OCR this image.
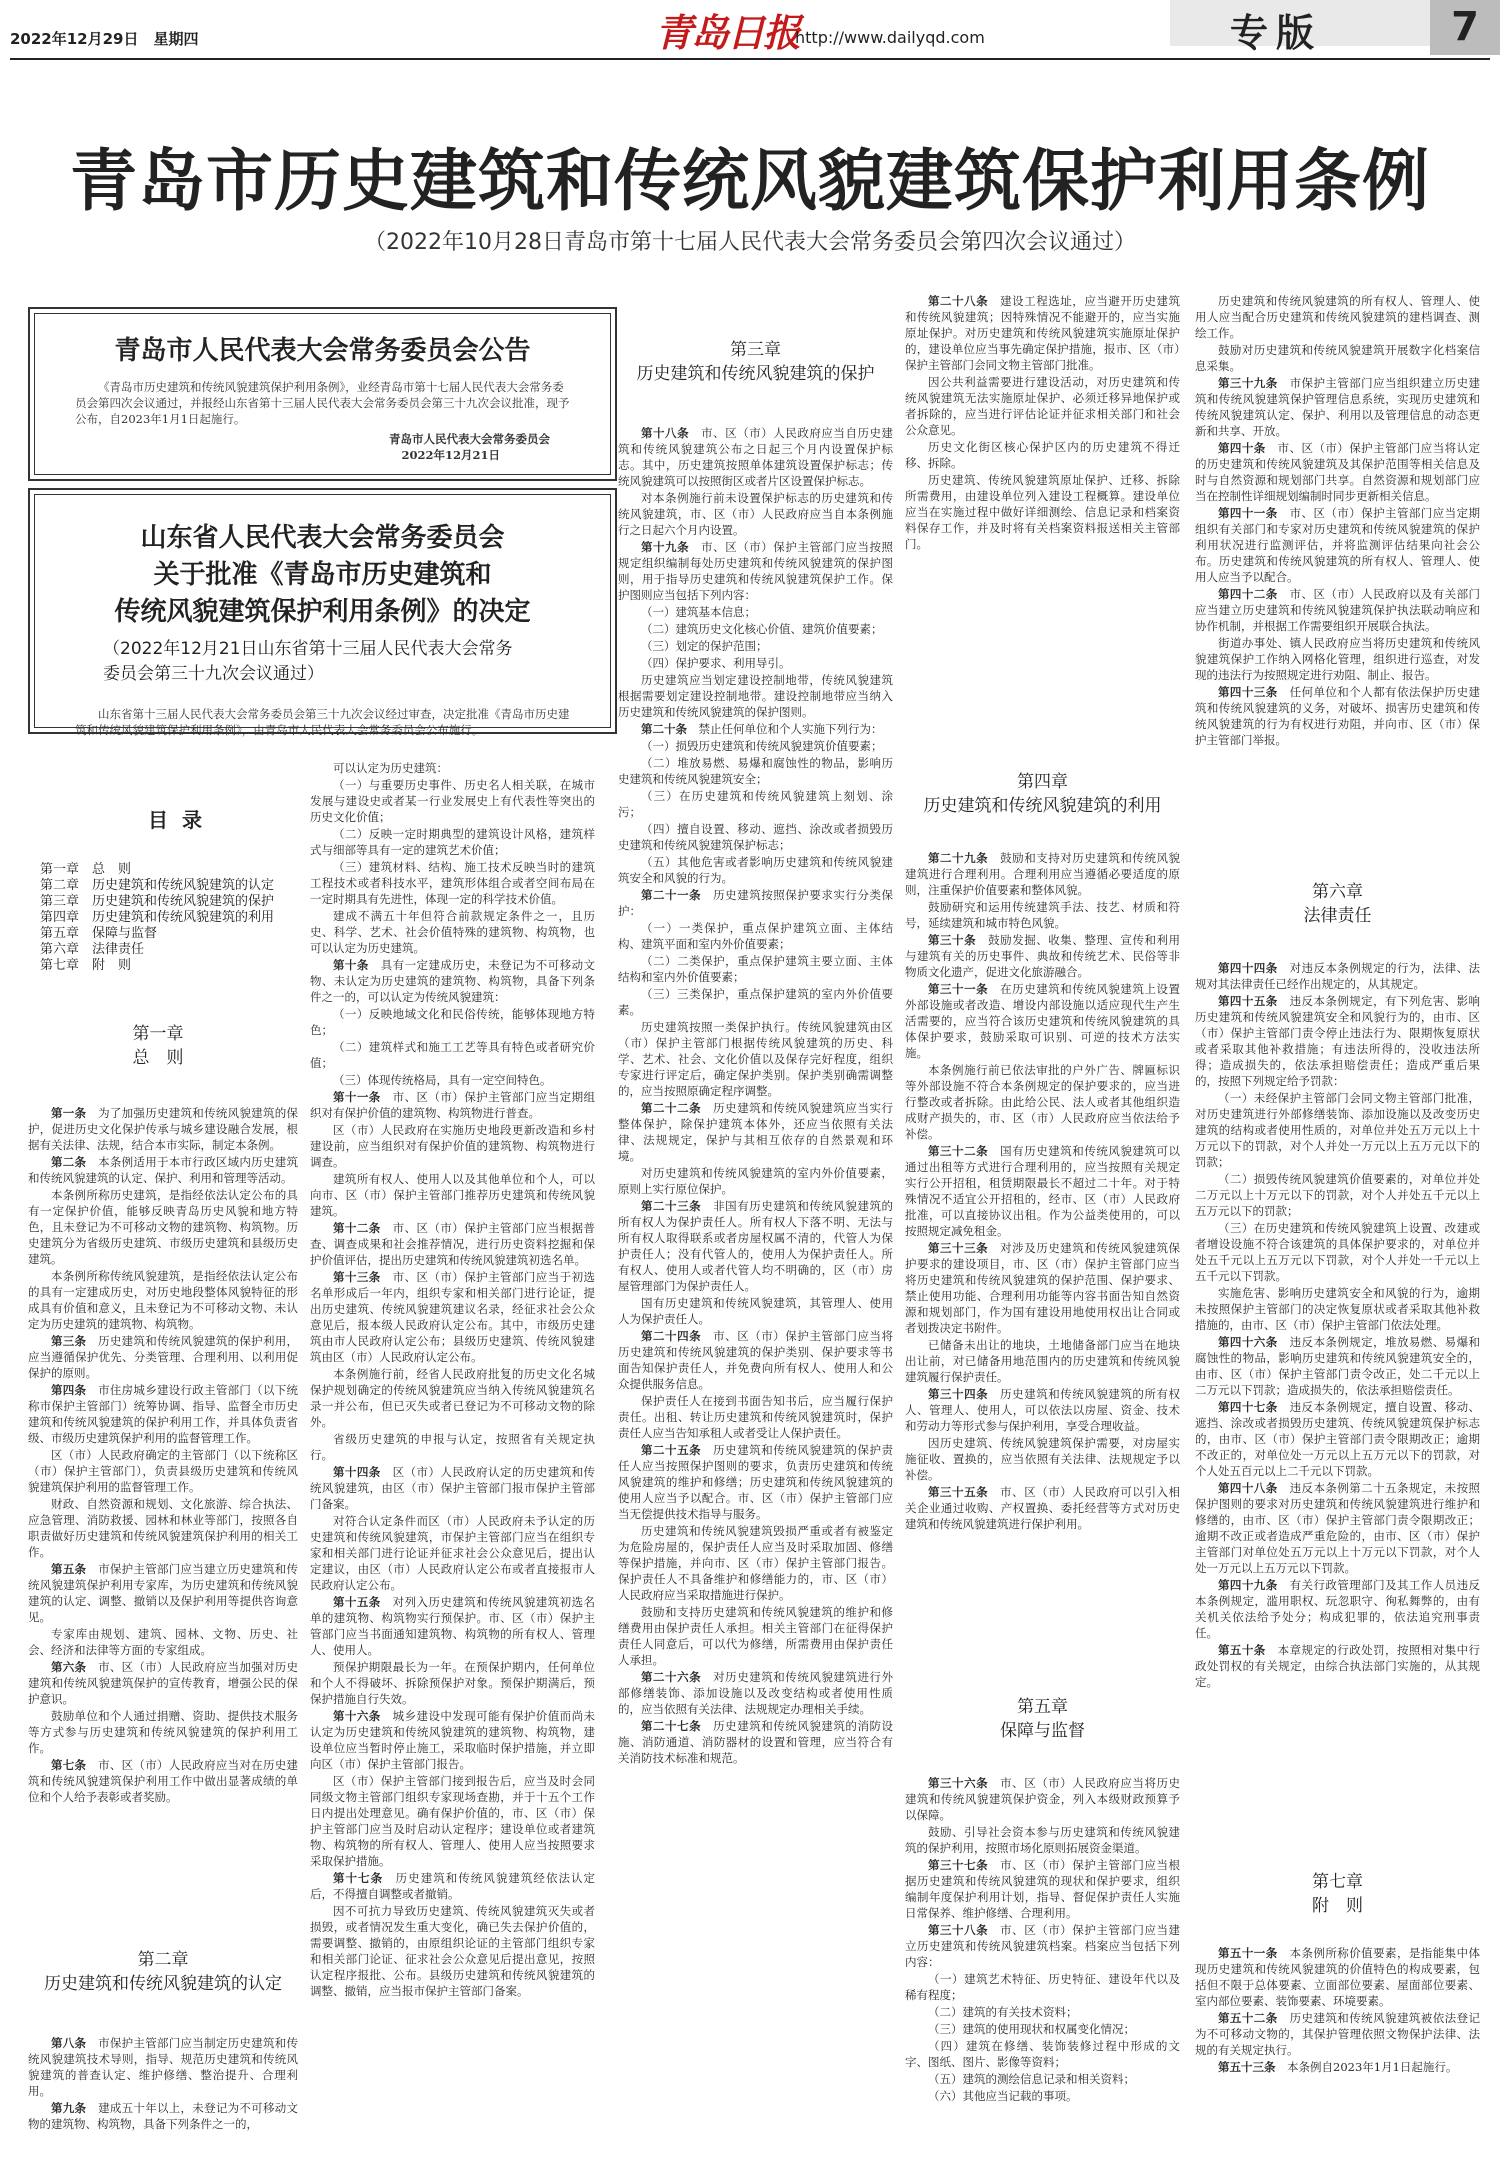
2022年12月29日　星期四	青岛日报
http://www.dailyqd.com	专版	7
青岛市历史建筑和传统风貌建筑保护利用条例
（2022年10月28日青岛市第十七届人民代表大会常务委员会第四次会议通过）
青岛市人民代表大会常务委员会公告

《青岛市历史建筑和传统风貌建筑保护利用条例》，业经青岛市第十七届人民代表大会常务委员会第四次会议通过，并报经山东省第十三届人民代表大会常务委员会第三十九次会议批准，现予公布，自2023年1月1日起施行。

青岛市人民代表大会常务委员会

2022年12月21日

山东省人民代表大会常务委员会
关于批准《青岛市历史建筑和
传统风貌建筑保护利用条例》的决定
（2022年12月21日山东省第十三届人民代表大会常务
委员会第三十九次会议通过）

山东省第十三届人民代表大会常务委员会第三十九次会议经过审查，决定批准《青岛市历史建筑和传统风貌建筑保护利用条例》，由青岛市人民代表大会常务委员会公布施行。

目录
第一章 总　则
第二章 历史建筑和传统风貌建筑的认定
第三章 历史建筑和传统风貌建筑的保护
第四章 历史建筑和传统风貌建筑的利用
第五章 保障与监督
第六章 法律责任
第七章 附　则
第一章
总　则

第一条　 为了加强历史建筑和传统风貌建筑的保护，促进历史文化保护传承与城乡建设融合发展，根据有关法律、法规，结合本市实际，制定本条例。

第二条　 本条例适用于本市行政区域内历史建筑和传统风貌建筑的认定、保护、利用和管理等活动。

本条例所称历史建筑，是指经依法认定公布的具有一定保护价值，能够反映青岛历史风貌和地方特色，且未登记为不可移动文物的建筑物、构筑物。历史建筑分为省级历史建筑、市级历史建筑和县级历史建筑。

本条例所称传统风貌建筑，是指经依法认定公布的具有一定建成历史，对历史地段整体风貌特征的形成具有价值和意义，且未登记为不可移动文物、未认定为历史建筑的建筑物、构筑物。

第三条　 历史建筑和传统风貌建筑的保护利用，应当遵循保护优先、分类管理、合理利用、以利用促保护的原则。

第四条　 市住房城乡建设行政主管部门（以下统称市保护主管部门）统筹协调、指导、监督全市历史建筑和传统风貌建筑的保护利用工作，并具体负责省级、市级历史建筑保护利用的监督管理工作。

区（市）人民政府确定的主管部门（以下统称区（市）保护主管部门），负责县级历史建筑和传统风貌建筑保护利用的监督管理工作。

财政、自然资源和规划、文化旅游、综合执法、应急管理、消防救援、园林和林业等部门，按照各自职责做好历史建筑和传统风貌建筑保护利用的相关工作。

第五条　 市保护主管部门应当建立历史建筑和传统风貌建筑保护利用专家库，为历史建筑和传统风貌建筑的认定、调整、撤销以及保护利用等提供咨询意见。

专家库由规划、建筑、园林、文物、历史、社会、经济和法律等方面的专家组成。

第六条　 市、区（市）人民政府应当加强对历史建筑和传统风貌建筑保护的宣传教育，增强公民的保护意识。

鼓励单位和个人通过捐赠、资助、提供技术服务等方式参与历史建筑和传统风貌建筑的保护利用工作。

第七条　 市、区（市）人民政府应当对在历史建筑和传统风貌建筑保护利用工作中做出显著成绩的单位和个人给予表彰或者奖励。

第二章
历史建筑和传统风貌建筑的认定

第八条　 市保护主管部门应当制定历史建筑和传统风貌建筑技术导则，指导、规范历史建筑和传统风貌建筑的普查认定、维护修缮、整治提升、合理利用。

第九条　 建成五十年以上，未登记为不可移动文物的建筑物、构筑物，具备下列条件之一的，

可以认定为历史建筑：

（一）与重要历史事件、历史名人相关联，在城市发展与建设史或者某一行业发展史上有代表性等突出的历史文化价值；

（二）反映一定时期典型的建筑设计风格，建筑样式与细部等具有一定的建筑艺术价值；

（三）建筑材料、结构、施工技术反映当时的建筑工程技术或者科技水平，建筑形体组合或者空间布局在一定时期具有先进性，体现一定的科学技术价值。

建成不满五十年但符合前款规定条件之一，且历史、科学、艺术、社会价值特殊的建筑物、构筑物，也可以认定为历史建筑。

第十条　 具有一定建成历史，未登记为不可移动文物、未认定为历史建筑的建筑物、构筑物，具备下列条件之一的，可以认定为传统风貌建筑：

（一）反映地域文化和民俗传统，能够体现地方特色；

（二）建筑样式和施工工艺等具有特色或者研究价值；

（三）体现传统格局，具有一定空间特色。

第十一条　 市、区（市）保护主管部门应当定期组织对有保护价值的建筑物、构筑物进行普查。

区（市）人民政府在实施历史地段更新改造和乡村建设前，应当组织对有保护价值的建筑物、构筑物进行调查。

建筑所有权人、使用人以及其他单位和个人，可以向市、区（市）保护主管部门推荐历史建筑和传统风貌建筑。

第十二条　 市、区（市）保护主管部门应当根据普查、调查成果和社会推荐情况，进行历史资料挖掘和保护价值评估，提出历史建筑和传统风貌建筑初选名单。

第十三条　 市、区（市）保护主管部门应当于初选名单形成后一年内，组织专家和相关部门进行论证，提出历史建筑、传统风貌建筑建议名录，经征求社会公众意见后，报本级人民政府认定公布。其中，市级历史建筑由市人民政府认定公布；县级历史建筑、传统风貌建筑由区（市）人民政府认定公布。

本条例施行前，经省人民政府批复的历史文化名城保护规划确定的传统风貌建筑应当纳入传统风貌建筑名录一并公布，但已灭失或者已登记为不可移动文物的除外。

省级历史建筑的申报与认定，按照省有关规定执行。

第十四条　 区（市）人民政府认定的历史建筑和传统风貌建筑，由区（市）保护主管部门报市保护主管部门备案。

对符合认定条件而区（市）人民政府未予认定的历史建筑和传统风貌建筑，市保护主管部门应当在组织专家和相关部门进行论证并征求社会公众意见后，提出认定建议，由区（市）人民政府认定公布或者直接报市人民政府认定公布。

第十五条　 对列入历史建筑和传统风貌建筑初选名单的建筑物、构筑物实行预保护。市、区（市）保护主管部门应当书面通知建筑物、构筑物的所有权人、管理人、使用人。

预保护期限最长为一年。在预保护期内，任何单位和个人不得破坏、拆除预保护对象。预保护期满后，预保护措施自行失效。

第十六条　 城乡建设中发现可能有保护价值而尚未认定为历史建筑和传统风貌建筑的建筑物、构筑物，建设单位应当暂时停止施工，采取临时保护措施，并立即向区（市）保护主管部门报告。

区（市）保护主管部门接到报告后，应当及时会同同级文物主管部门组织专家现场查勘，并于十五个工作日内提出处理意见。确有保护价值的，市、区（市）保护主管部门应当及时启动认定程序；建设单位或者建筑物、构筑物的所有权人、管理人、使用人应当按照要求采取保护措施。

第十七条　 历史建筑和传统风貌建筑经依法认定后，不得擅自调整或者撤销。

因不可抗力导致历史建筑、传统风貌建筑灭失或者损毁，或者情况发生重大变化，确已失去保护价值的，需要调整、撤销的，由原组织论证的主管部门组织专家和相关部门论证、征求社会公众意见后提出意见，按照认定程序报批、公布。县级历史建筑和传统风貌建筑的调整、撤销，应当报市保护主管部门备案。

第三章
历史建筑和传统风貌建筑的保护

第十八条　 市、区（市）人民政府应当自历史建筑和传统风貌建筑公布之日起三个月内设置保护标志。其中，历史建筑按照单体建筑设置保护标志；传统风貌建筑可以按照街区或者片区设置保护标志。

对本条例施行前未设置保护标志的历史建筑和传统风貌建筑，市、区（市）人民政府应当自本条例施行之日起六个月内设置。

第十九条　 市、区（市）保护主管部门应当按照规定组织编制每处历史建筑和传统风貌建筑的保护图则，用于指导历史建筑和传统风貌建筑保护工作。保护图则应当包括下列内容：

（一）建筑基本信息；

（二）建筑历史文化核心价值、建筑价值要素；

（三）划定的保护范围；

（四）保护要求、利用导引。

历史建筑应当划定建设控制地带，传统风貌建筑根据需要划定建设控制地带。建设控制地带应当纳入历史建筑和传统风貌建筑的保护图则。

第二十条　 禁止任何单位和个人实施下列行为：

（一）损毁历史建筑和传统风貌建筑价值要素；

（二）堆放易燃、易爆和腐蚀性的物品，影响历史建筑和传统风貌建筑安全；

（三）在历史建筑和传统风貌建筑上刻划、涂污；

（四）擅自设置、移动、遮挡、涂改或者损毁历史建筑和传统风貌建筑保护标志；

（五）其他危害或者影响历史建筑和传统风貌建筑安全和风貌的行为。

第二十一条　 历史建筑按照保护要求实行分类保护：

（一）一类保护，重点保护建筑立面、主体结构、建筑平面和室内外价值要素；

（二）二类保护，重点保护建筑主要立面、主体结构和室内外价值要素；

（三）三类保护，重点保护建筑的室内外价值要素。

历史建筑按照一类保护执行。传统风貌建筑由区（市）保护主管部门根据传统风貌建筑的历史、科学、艺术、社会、文化价值以及保存完好程度，组织专家进行评定后，确定保护类别。保护类别确需调整的，应当按照原确定程序调整。

第二十二条　 历史建筑和传统风貌建筑应当实行整体保护，除保护建筑本体外，还应当依照有关法律、法规规定，保护与其相互依存的自然景观和环境。

对历史建筑和传统风貌建筑的室内外价值要素，原则上实行原位保护。

第二十三条　 非国有历史建筑和传统风貌建筑的所有权人为保护责任人。所有权人下落不明、无法与所有权人取得联系或者房屋权属不清的，代管人为保护责任人；没有代管人的，使用人为保护责任人。所有权人、使用人或者代管人均不明确的，区（市）房屋管理部门为保护责任人。

国有历史建筑和传统风貌建筑，其管理人、使用人为保护责任人。

第二十四条　 市、区（市）保护主管部门应当将历史建筑和传统风貌建筑的保护类别、保护要求等书面告知保护责任人，并免费向所有权人、使用人和公众提供服务信息。

保护责任人在接到书面告知书后，应当履行保护责任。出租、转让历史建筑和传统风貌建筑时，保护责任人应当告知承租人或者受让人保护责任。

第二十五条　 历史建筑和传统风貌建筑的保护责任人应当按照保护图则的要求，负责历史建筑和传统风貌建筑的维护和修缮；历史建筑和传统风貌建筑的使用人应当予以配合。市、区（市）保护主管部门应当无偿提供技术指导与服务。

历史建筑和传统风貌建筑毁损严重或者有被鉴定为危险房屋的，保护责任人应当及时采取加固、修缮等保护措施，并向市、区（市）保护主管部门报告。保护责任人不具备维护和修缮能力的，市、区（市）人民政府应当采取措施进行保护。

鼓励和支持历史建筑和传统风貌建筑的维护和修缮费用由保护责任人承担。相关主管部门在征得保护责任人同意后，可以代为修缮，所需费用由保护责任人承担。

第二十六条　 对历史建筑和传统风貌建筑进行外部修缮装饰、添加设施以及改变结构或者使用性质的，应当依照有关法律、法规规定办理相关手续。

第二十七条　 历史建筑和传统风貌建筑的消防设施、消防通道、消防器材的设置和管理，应当符合有关消防技术标准和规范。

第二十八条　 建设工程选址，应当避开历史建筑和传统风貌建筑；因特殊情况不能避开的，应当实施原址保护。对历史建筑和传统风貌建筑实施原址保护的，建设单位应当事先确定保护措施，报市、区（市）保护主管部门会同文物主管部门批准。

因公共利益需要进行建设活动，对历史建筑和传统风貌建筑无法实施原址保护、必须迁移异地保护或者拆除的，应当进行评估论证并征求相关部门和社会公众意见。

历史文化街区核心保护区内的历史建筑不得迁移、拆除。

历史建筑、传统风貌建筑原址保护、迁移、拆除所需费用，由建设单位列入建设工程概算。建设单位应当在实施过程中做好详细测绘、信息记录和档案资料保存工作，并及时将有关档案资料报送相关主管部门。

第四章
历史建筑和传统风貌建筑的利用

第二十九条　 鼓励和支持对历史建筑和传统风貌建筑进行合理利用。合理利用应当遵循必要适度的原则，注重保护价值要素和整体风貌。

鼓励研究和运用传统建筑手法、技艺、材质和符号，延续建筑和城市特色风貌。

第三十条　 鼓励发掘、收集、整理、宣传和利用与建筑有关的历史事件、典故和传统艺术、民俗等非物质文化遗产，促进文化旅游融合。

第三十一条　 在历史建筑和传统风貌建筑上设置外部设施或者改造、增设内部设施以适应现代生产生活需要的，应当符合该历史建筑和传统风貌建筑的具体保护要求，鼓励采取可识别、可逆的技术方法实施。

本条例施行前已依法审批的户外广告、牌匾标识等外部设施不符合本条例规定的保护要求的，应当进行整改或者拆除。由此给公民、法人或者其他组织造成财产损失的，市、区（市）人民政府应当依法给予补偿。

第三十二条　 国有历史建筑和传统风貌建筑可以通过出租等方式进行合理利用的，应当按照有关规定实行公开招租，租赁期限最长不超过二十年。对于特殊情况不适宜公开招租的，经市、区（市）人民政府批准，可以直接协议出租。作为公益类使用的，可以按照规定减免租金。

第三十三条　 对涉及历史建筑和传统风貌建筑保护要求的建设项目，市、区（市）保护主管部门应当将历史建筑和传统风貌建筑的保护范围、保护要求、禁止使用功能、合理利用功能等内容书面告知自然资源和规划部门，作为国有建设用地使用权出让合同或者划拨决定书附件。

已储备未出让的地块，土地储备部门应当在地块出让前，对已储备用地范围内的历史建筑和传统风貌建筑履行保护责任。

第三十四条　 历史建筑和传统风貌建筑的所有权人、管理人、使用人，可以依法以房屋、资金、技术和劳动力等形式参与保护利用，享受合理收益。

因历史建筑、传统风貌建筑保护需要，对房屋实施征收、置换的，应当依照有关法律、法规规定予以补偿。

第三十五条　 市、区（市）人民政府可以引入相关企业通过收购、产权置换、委托经营等方式对历史建筑和传统风貌建筑进行保护利用。

第五章
保障与监督

第三十六条　 市、区（市）人民政府应当将历史建筑和传统风貌建筑保护资金，列入本级财政预算予以保障。

鼓励、引导社会资本参与历史建筑和传统风貌建筑的保护利用，按照市场化原则拓展资金渠道。

第三十七条　 市、区（市）保护主管部门应当根据历史建筑和传统风貌建筑的现状和保护要求，组织编制年度保护利用计划，指导、督促保护责任人实施日常保养、维护修缮、合理利用。

第三十八条　 市、区（市）保护主管部门应当建立历史建筑和传统风貌建筑档案。档案应当包括下列内容：

（一）建筑艺术特征、历史特征、建设年代以及稀有程度；

（二）建筑的有关技术资料；

（三）建筑的使用现状和权属变化情况；

（四）建筑在修缮、装饰装修过程中形成的文字、图纸、图片、影像等资料；

（五）建筑的测绘信息记录和相关资料；

（六）其他应当记载的事项。

历史建筑和传统风貌建筑的所有权人、管理人、使用人应当配合历史建筑和传统风貌建筑的建档调查、测绘工作。

鼓励对历史建筑和传统风貌建筑开展数字化档案信息采集。

第三十九条　 市保护主管部门应当组织建立历史建筑和传统风貌建筑保护管理信息系统，实现历史建筑和传统风貌建筑认定、保护、利用以及管理信息的动态更新和共享、开放。

第四十条　 市、区（市）保护主管部门应当将认定的历史建筑和传统风貌建筑及其保护范围等相关信息及时与自然资源和规划部门共享。自然资源和规划部门应当在控制性详细规划编制时同步更新相关信息。

第四十一条　 市、区（市）保护主管部门应当定期组织有关部门和专家对历史建筑和传统风貌建筑的保护利用状况进行监测评估，并将监测评估结果向社会公布。历史建筑和传统风貌建筑的所有权人、管理人、使用人应当予以配合。

第四十二条　 市、区（市）人民政府以及有关部门应当建立历史建筑和传统风貌建筑保护执法联动响应和协作机制，并根据工作需要组织开展联合执法。

街道办事处、镇人民政府应当将历史建筑和传统风貌建筑保护工作纳入网格化管理，组织进行巡查，对发现的违法行为按照规定进行劝阻、制止、报告。

第四十三条　 任何单位和个人都有依法保护历史建筑和传统风貌建筑的义务，对破坏、损害历史建筑和传统风貌建筑的行为有权进行劝阻，并向市、区（市）保护主管部门举报。

第六章
法律责任

第四十四条　 对违反本条例规定的行为，法律、法规对其法律责任已经作出规定的，从其规定。

第四十五条　 违反本条例规定，有下列危害、影响历史建筑和传统风貌建筑安全和风貌行为的，由市、区（市）保护主管部门责令停止违法行为、限期恢复原状或者采取其他补救措施；有违法所得的，没收违法所得；造成损失的，依法承担赔偿责任；造成严重后果的，按照下列规定给予罚款：

（一）未经保护主管部门会同文物主管部门批准，对历史建筑进行外部修缮装饰、添加设施以及改变历史建筑的结构或者使用性质的，对单位并处五万元以上十万元以下的罚款，对个人并处一万元以上五万元以下的罚款；

（二）损毁传统风貌建筑价值要素的，对单位并处二万元以上十万元以下的罚款，对个人并处五千元以上五万元以下的罚款；

（三）在历史建筑和传统风貌建筑上设置、改建或者增设设施不符合该建筑的具体保护要求的，对单位并处五千元以上五万元以下罚款，对个人并处一千元以上五千元以下罚款。

实施危害、影响历史建筑安全和风貌的行为，逾期未按照保护主管部门的决定恢复原状或者采取其他补救措施的，由市、区（市）保护主管部门依法处理。

第四十六条　 违反本条例规定，堆放易燃、易爆和腐蚀性的物品，影响历史建筑和传统风貌建筑安全的，由市、区（市）保护主管部门责令改正，处二千元以上二万元以下罚款；造成损失的，依法承担赔偿责任。

第四十七条　 违反本条例规定，擅自设置、移动、遮挡、涂改或者损毁历史建筑、传统风貌建筑保护标志的，由市、区（市）保护主管部门责令限期改正；逾期不改正的，对单位处一万元以上五万元以下的罚款，对个人处五百元以上二千元以下罚款。

第四十八条　 违反本条例第二十五条规定，未按照保护图则的要求对历史建筑和传统风貌建筑进行维护和修缮的，由市、区（市）保护主管部门责令限期改正；逾期不改正或者造成严重危险的，由市、区（市）保护主管部门对单位处五万元以上十万元以下罚款，对个人处一万元以上五万元以下罚款。

第四十九条　 有关行政管理部门及其工作人员违反本条例规定，滥用职权、玩忽职守、徇私舞弊的，由有关机关依法给予处分；构成犯罪的，依法追究刑事责任。

第五十条　 本章规定的行政处罚，按照相对集中行政处罚权的有关规定，由综合执法部门实施的，从其规定。

第七章
附　则

第五十一条　 本条例所称价值要素，是指能集中体现历史建筑和传统风貌建筑的价值特色的构成要素，包括但不限于总体要素、立面部位要素、屋面部位要素、室内部位要素、装饰要素、环境要素。

第五十二条　 历史建筑和传统风貌建筑被依法登记为不可移动文物的，其保护管理依照文物保护法律、法规的有关规定执行。

第五十三条　 本条例自2023年1月1日起施行。
